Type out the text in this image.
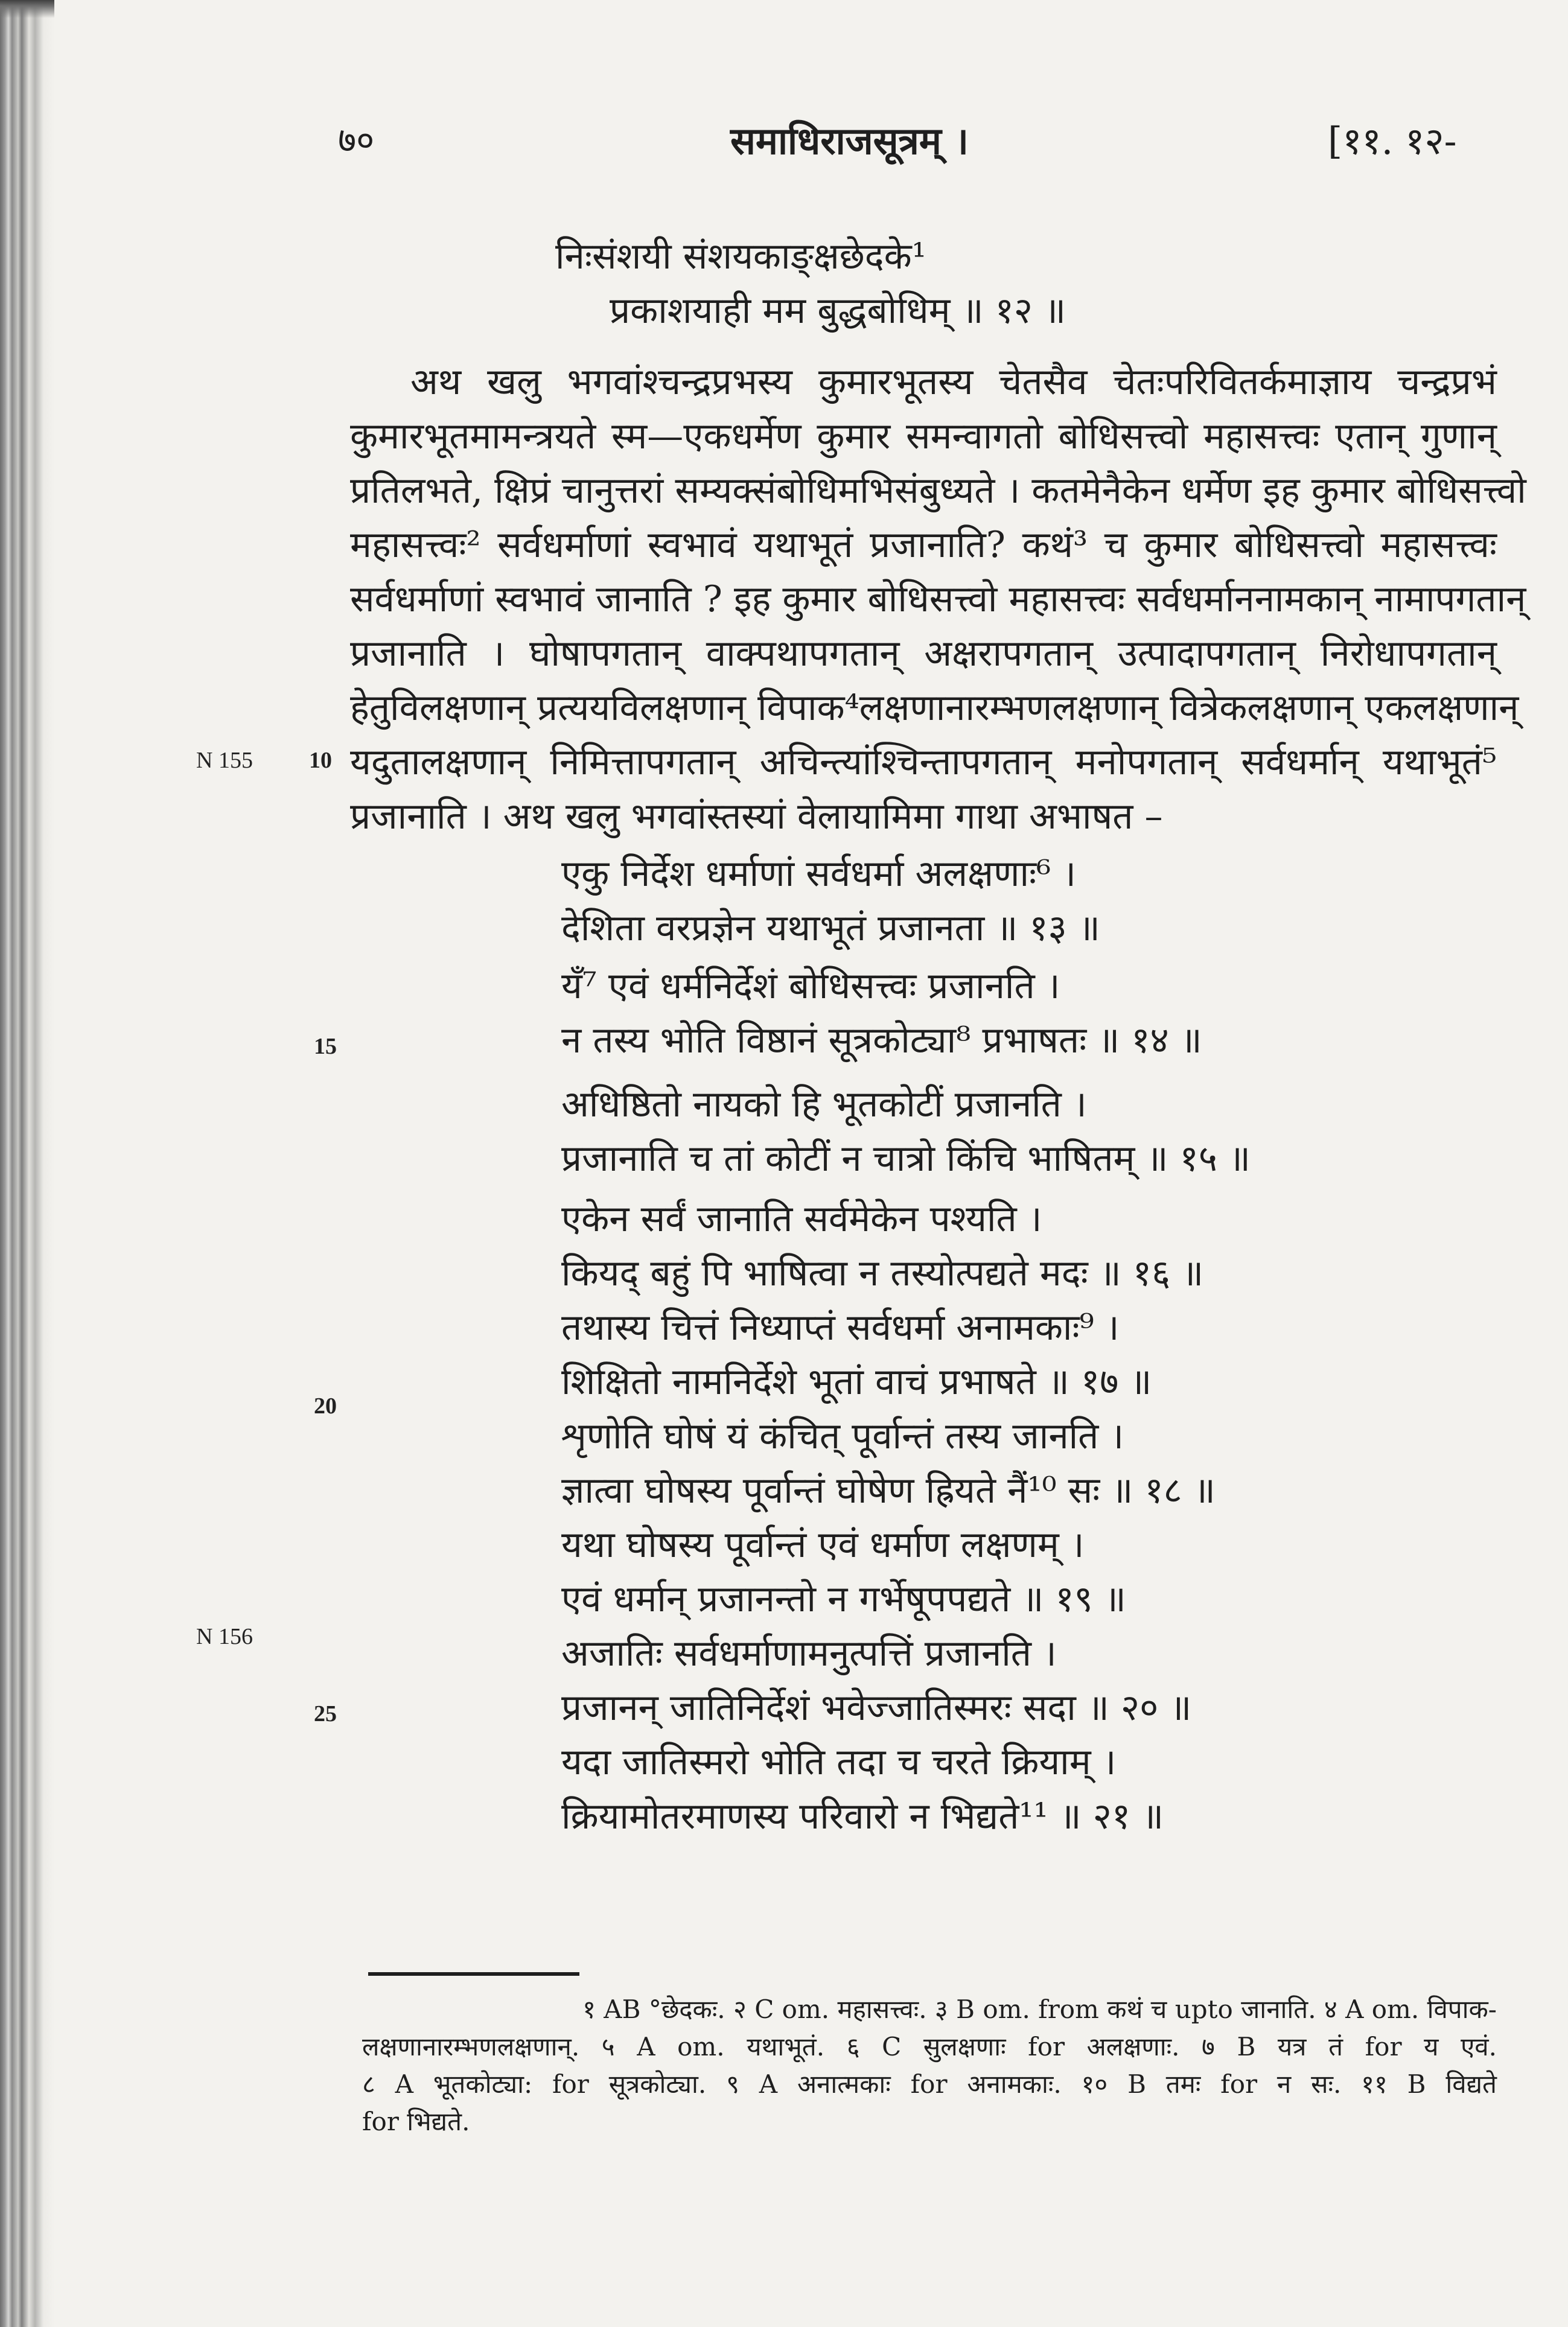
७०	समाधिराजसूत्रम् ।	[११. १२-
निःसंशयी संशयकाङ्क्षछेदके¹
प्रकाशयाही मम बुद्धबोधिम् ॥ १२ ॥
अथ खलु भगवांश्चन्द्रप्रभस्य कुमारभूतस्य चेतसैव चेतःपरिवितर्कमाज्ञाय चन्द्रप्रभं
कुमारभूतमामन्त्रयते स्म—एकधर्मेण कुमार समन्वागतो बोधिसत्त्वो महासत्त्वः एतान् गुणान्
प्रतिलभते, क्षिप्रं चानुत्तरां सम्यक्संबोधिमभिसंबुध्यते । कतमेनैकेन धर्मेण इह कुमार बोधिसत्त्वो
महासत्त्वः² सर्वधर्माणां स्वभावं यथाभूतं प्रजानाति? कथं³ च कुमार बोधिसत्त्वो महासत्त्वः
सर्वधर्माणां स्वभावं जानाति ? इह कुमार बोधिसत्त्वो महासत्त्वः सर्वधर्माननामकान् नामापगतान्
प्रजानाति । घोषापगतान् वाक्पथापगतान् अक्षरापगतान् उत्पादापगतान् निरोधापगतान्
हेतुविलक्षणान् प्रत्ययविलक्षणान् विपाक⁴लक्षणानारम्भणलक्षणान् वित्रेकलक्षणान् एकलक्षणान्
यदुतालक्षणान् निमित्तापगतान् अचिन्त्यांश्चिन्तापगतान् मनोपगतान् सर्वधर्मान् यथाभूतं⁵
प्रजानाति । अथ खलु भगवांस्तस्यां वेलायामिमा गाथा अभाषत –
एकु निर्देश धर्माणां सर्वधर्मा अलक्षणाः⁶ ।
देशिता वरप्रज्ञेन यथाभूतं प्रजानता ॥ १३ ॥
यँ⁷ एवं धर्मनिर्देशं बोधिसत्त्वः प्रजानति ।
न तस्य भोति विष्ठानं सूत्रकोट्या⁸ प्रभाषतः ॥ १४ ॥
अधिष्ठितो नायको हि भूतकोटीं प्रजानति ।
प्रजानाति च तां कोटीं न चात्रो किंचि भाषितम् ॥ १५ ॥
एकेन सर्वं जानाति सर्वमेकेन पश्यति ।
कियद् बहुं पि भाषित्वा न तस्योत्पद्यते मदः ॥ १६ ॥
तथास्य चित्तं निध्याप्तं सर्वधर्मा अनामकाः⁹ ।
शिक्षितो नामनिर्देशे भूतां वाचं प्रभाषते ॥ १७ ॥
शृणोति घोषं यं कंचित् पूर्वान्तं तस्य जानति ।
ज्ञात्वा घोषस्य पूर्वान्तं घोषेण ह्रियते नैं¹⁰ सः ॥ १८ ॥
यथा घोषस्य पूर्वान्तं एवं धर्माण लक्षणम् ।
एवं धर्मान् प्रजानन्तो न गर्भेषूपपद्यते ॥ १९ ॥
अजातिः सर्वधर्माणामनुत्पत्तिं प्रजानति ।
प्रजानन् जातिनिर्देशं भवेज्जातिस्मरः सदा ॥ २० ॥
यदा जातिस्मरो भोति तदा च चरते क्रियाम् ।
क्रियामोतरमाणस्य परिवारो न भिद्यते¹¹ ॥ २१ ॥
N 155 10
15
20
N 156
25
१ AB °छेदकः. २ C om. महासत्त्वः. ३ B om. from कथं च upto जानाति. ४ A om. विपाक-
लक्षणानारम्भणलक्षणान्. ५ A om. यथाभूतं. ६ C सुलक्षणाः for अलक्षणाः. ७ B यत्र तं for य एवं.
८ A भूतकोट्या: for सूत्रकोट्या. ९ A अनात्मकाः for अनामकाः. १० B तमः for न सः. ११ B विद्यते
for भिद्यते.
